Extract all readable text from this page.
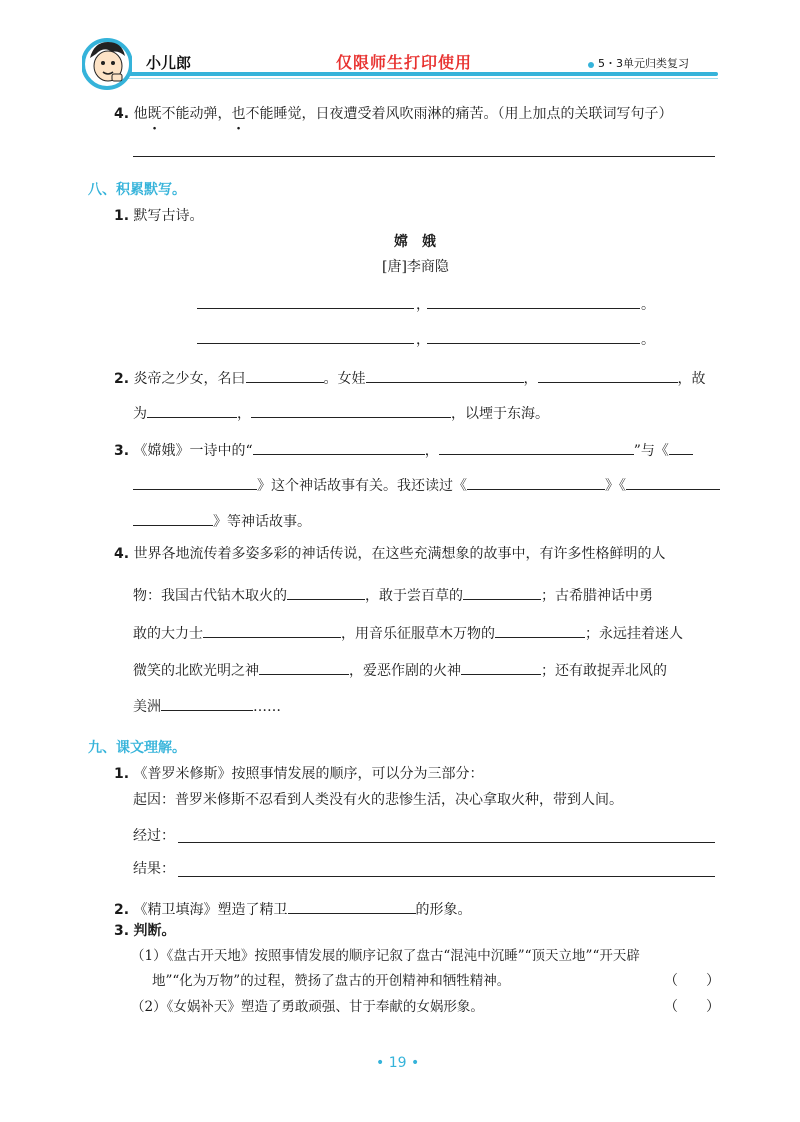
小儿郎	仅限师生打印使用	5・3单元归类复习
4. 他既不能动弹，也不能睡觉，日夜遭受着风吹雨淋的痛苦。（用上加点的关联词写句子）
八、积累默写。
1. 默写古诗。
嫦　娥
[唐]李商隐
，	。
，	。
2. 炎帝之少女，名曰	。女娃	，	，故
为	，	，以堙于东海。
3. 《嫦娥》一诗中的“	，	”与《
》这个神话故事有关。我还读过《	》《
》等神话故事。
4. 世界各地流传着多姿多彩的神话传说，在这些充满想象的故事中，有许多性格鲜明的人
物：我国古代钻木取火的	，敢于尝百草的	；古希腊神话中勇
敢的大力士	，用音乐征服草木万物的	；永远挂着迷人
微笑的北欧光明之神	，爱恶作剧的火神	；还有敢捉弄北风的
美洲	……
九、课文理解。
1. 《普罗米修斯》按照事情发展的顺序，可以分为三部分：
起因：普罗米修斯不忍看到人类没有火的悲惨生活，决心拿取火种，带到人间。
经过：
结果：
2. 《精卫填海》塑造了精卫	的形象。
3. 判断。
（1）《盘古开天地》按照事情发展的顺序记叙了盘古“混沌中沉睡”“顶天立地”“开天辟
地”“化为万物”的过程，赞扬了盘古的开创精神和牺牲精神。	（　　）
（2）《女娲补天》塑造了勇敢顽强、甘于奉献的女娲形象。	（　　）
• 19 •
